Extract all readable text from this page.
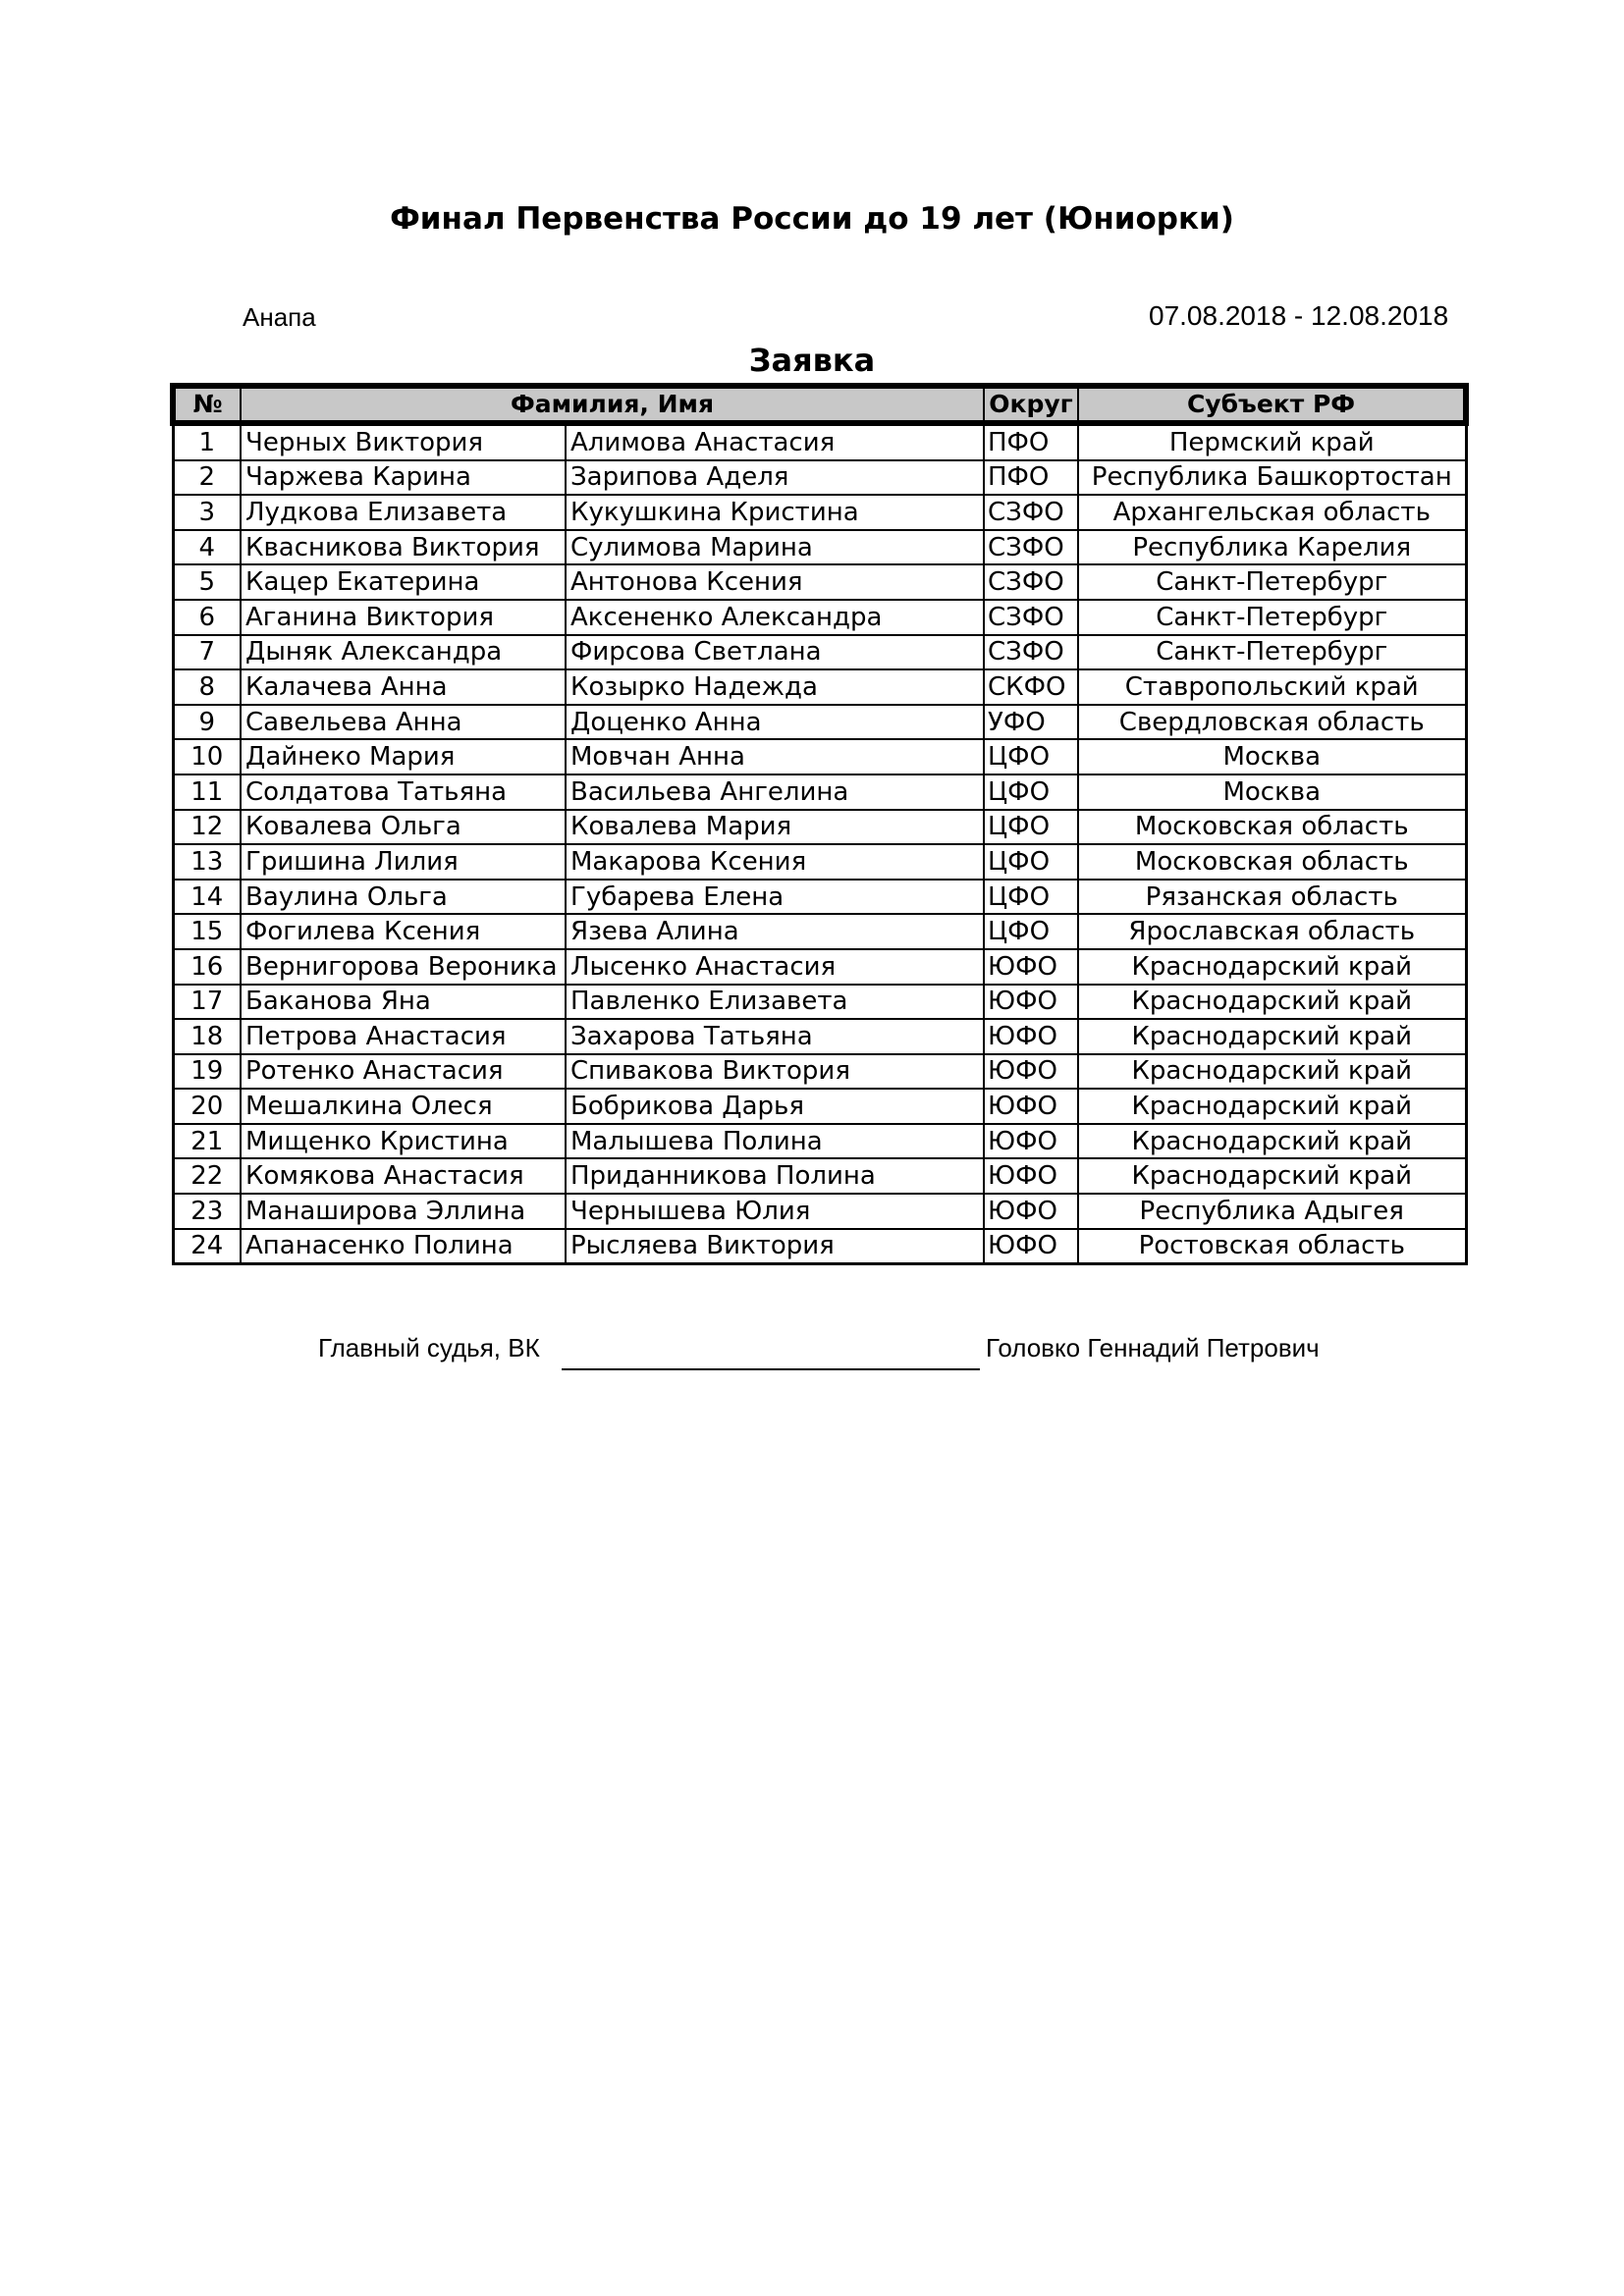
Финал Первенства России до 19 лет (Юниорки)
Анапа	07.08.2018 - 12.08.2018
Заявка
№	Фамилия, Имя		Округ	Субъект РФ
1	Черных Виктория	Алимова Анастасия	ПФО	Пермский край
2	Чаржева Карина	Зарипова Аделя	ПФО	Республика Башкортостан
3	Лудкова Елизавета	Кукушкина Кристина	СЗФО	Архангельская область
4	Квасникова Виктория	Сулимова Марина	СЗФО	Республика Карелия
5	Кацер Екатерина	Антонова Ксения	СЗФО	Санкт-Петербург
6	Аганина Виктория	Аксененко Александра	СЗФО	Санкт-Петербург
7	Дыняк Александра	Фирсова Светлана	СЗФО	Санкт-Петербург
8	Калачева Анна	Козырко Надежда	СКФО	Ставропольский край
9	Савельева Анна	Доценко Анна	УФО	Свердловская область
10	Дайнеко Мария	Мовчан Анна	ЦФО	Москва
11	Солдатова Татьяна	Васильева Ангелина	ЦФО	Москва
12	Ковалева Ольга	Ковалева Мария	ЦФО	Московская область
13	Гришина Лилия	Макарова Ксения	ЦФО	Московская область
14	Ваулина Ольга	Губарева Елена	ЦФО	Рязанская область
15	Фогилева Ксения	Язева Алина	ЦФО	Ярославская область
16	Вернигорова Вероника	Лысенко Анастасия	ЮФО	Краснодарский край
17	Баканова Яна	Павленко Елизавета	ЮФО	Краснодарский край
18	Петрова Анастасия	Захарова Татьяна	ЮФО	Краснодарский край
19	Ротенко Анастасия	Спивакова Виктория	ЮФО	Краснодарский край
20	Мешалкина Олеся	Бобрикова Дарья	ЮФО	Краснодарский край
21	Мищенко Кристина	Малышева Полина	ЮФО	Краснодарский край
22	Комякова Анастасия	Приданникова Полина	ЮФО	Краснодарский край
23	Манаширова Эллина	Чернышева Юлия	ЮФО	Республика Адыгея
24	Апанасенко Полина	Рысляева Виктория	ЮФО	Ростовская область
Главный судья, ВК	Головко Геннадий Петрович
